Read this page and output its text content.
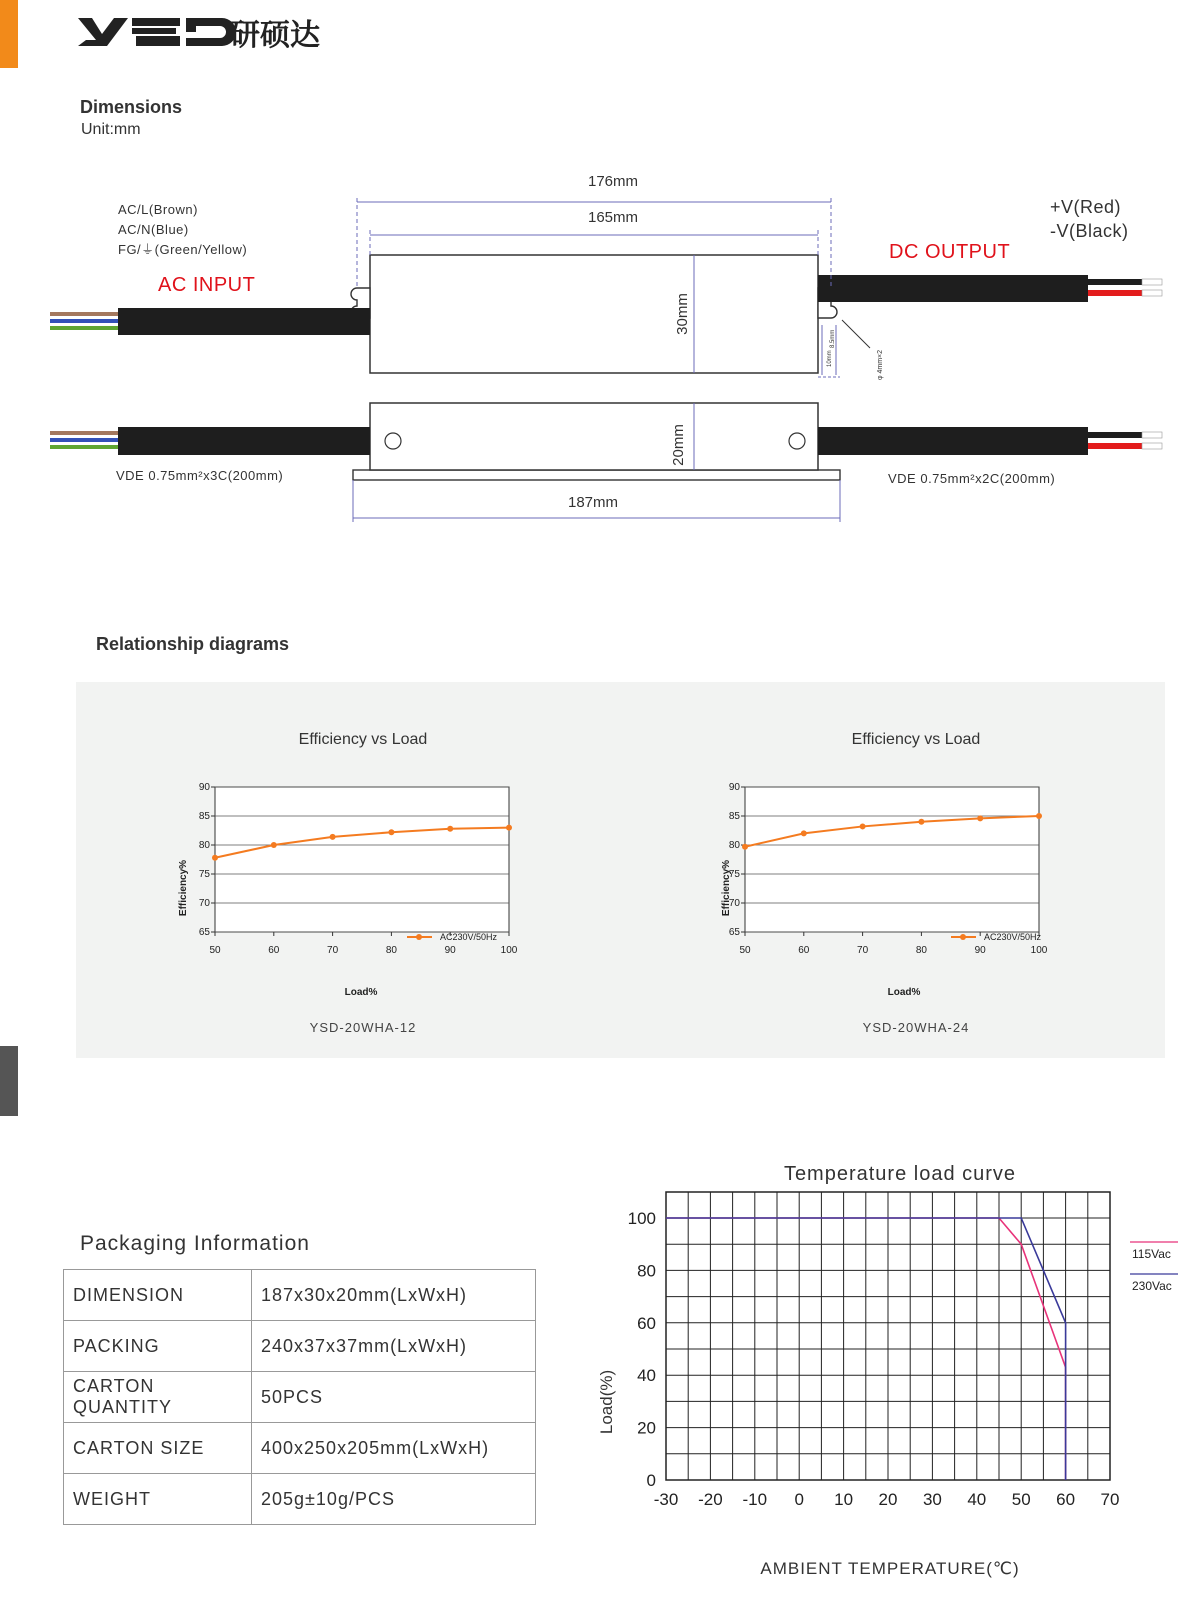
研硕达
Dimensions
Unit:mm
176mm
165mm
30mm
10mm
8.5mm
φ 4mm×2
AC/L(Brown)
AC/N(Blue)
FG/⏚(Green/Yellow)
AC INPUT
DC OUTPUT
+V(Red)
-V(Black)
20mm
187mm
VDE 0.75mm²x3C(200mm)	VDE 0.75mm²x2C(200mm)
Relationship diagrams
Efficiency vs Load
YSD-20WHA-12
Efficiency%
Load%
AC230V/50Hz
90
85
80
75
70
65
50	60	70	80	90	100
Efficiency vs Load
YSD-20WHA-24
Efficiency%
Load%
AC230V/50Hz
90
85
80
75
70
65
50	60	70	80	90	100
Packaging Information
DIMENSION	187x30x20mm(LxWxH)
PACKING	240x37x37mm(LxWxH)
CARTON QUANTITY	50PCS
CARTON SIZE	400x250x205mm(LxWxH)
WEIGHT	205g±10g/PCS
Temperature load curve
Load(%)
AMBIENT TEMPERATURE(℃)
-30 -20 -10 0 10 20 30 40 50 60 70
100
80
60
40
20
0
115Vac
230Vac
